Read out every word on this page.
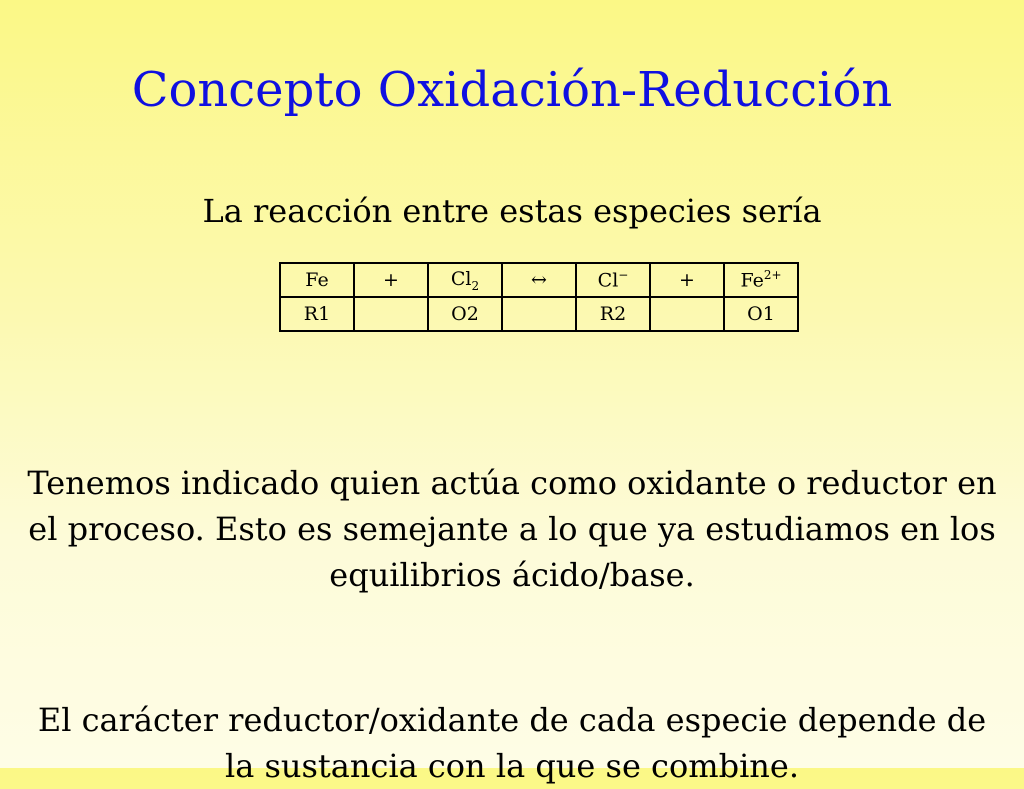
Concepto Oxidación-Reducción
La reacción entre estas especies sería
Fe	+	$Cl_2$	↔	Cl−	+	$Fe^{2+}$
R1		O2		R2		O1
Tenemos indicado quien actúa como oxidante o reductor en el proceso. Esto es semejante a lo que ya estudiamos en los equilibrios ácido/base.
El carácter reductor/oxidante de cada especie depende de la sustancia con la que se combine.
